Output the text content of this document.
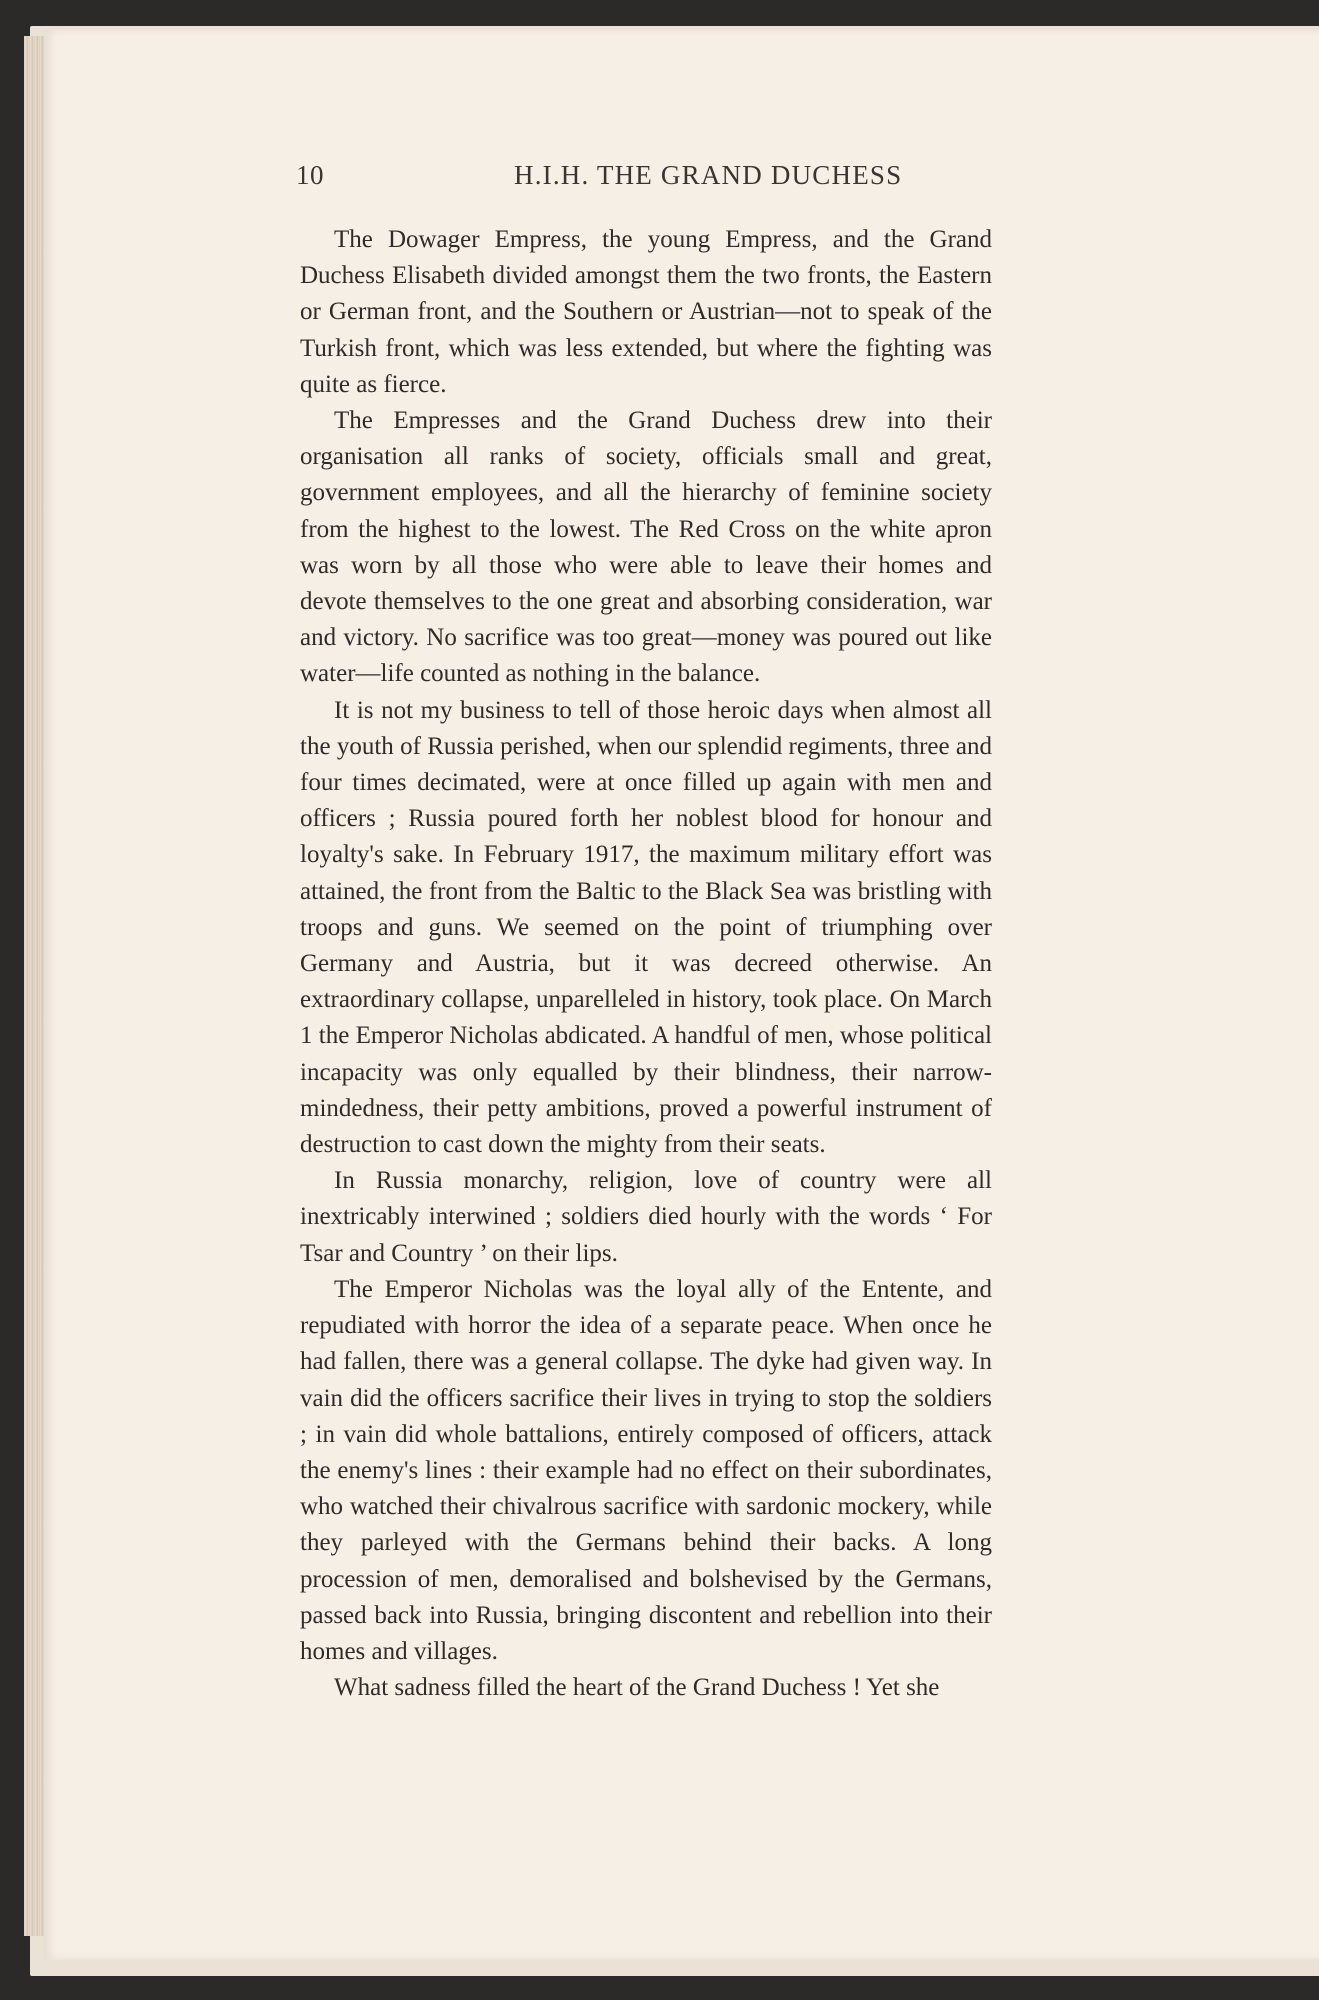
10	H.I.H. THE GRAND DUCHESS

The Dowager Empress, the young Empress, and the Grand Duchess Elisabeth divided amongst them the two fronts, the Eastern or German front, and the Southern or Austrian—not to speak of the Turkish front, which was less extended, but where the fighting was quite as fierce.

The Empresses and the Grand Duchess drew into their organisation all ranks of society, officials small and great, government employees, and all the hierarchy of feminine society from the highest to the lowest. The Red Cross on the white apron was worn by all those who were able to leave their homes and devote themselves to the one great and absorbing consideration, war and victory. No sacrifice was too great—money was poured out like water—life counted as nothing in the balance.

It is not my business to tell of those heroic days when almost all the youth of Russia perished, when our splendid regiments, three and four times decimated, were at once filled up again with men and officers ; Russia poured forth her noblest blood for honour and loyalty's sake. In February 1917, the maximum military effort was attained, the front from the Baltic to the Black Sea was bristling with troops and guns. We seemed on the point of triumphing over Germany and Austria, but it was decreed otherwise. An extraordinary collapse, unparelleled in history, took place. On March 1 the Emperor Nicholas abdicated. A handful of men, whose political incapacity was only equalled by their blindness, their narrow-mindedness, their petty ambitions, proved a powerful instrument of destruction to cast down the mighty from their seats.

In Russia monarchy, religion, love of country were all inextricably interwined ; soldiers died hourly with the words ‘ For Tsar and Country ’ on their lips.

The Emperor Nicholas was the loyal ally of the Entente, and repudiated with horror the idea of a separate peace. When once he had fallen, there was a general collapse. The dyke had given way. In vain did the officers sacrifice their lives in trying to stop the soldiers ; in vain did whole battalions, entirely composed of officers, attack the enemy's lines : their example had no effect on their subordinates, who watched their chivalrous sacrifice with sardonic mockery, while they parleyed with the Germans behind their backs. A long procession of men, demoralised and bolshevised by the Germans, passed back into Russia, bringing discontent and rebellion into their homes and villages.

What sadness filled the heart of the Grand Duchess ! Yet she
